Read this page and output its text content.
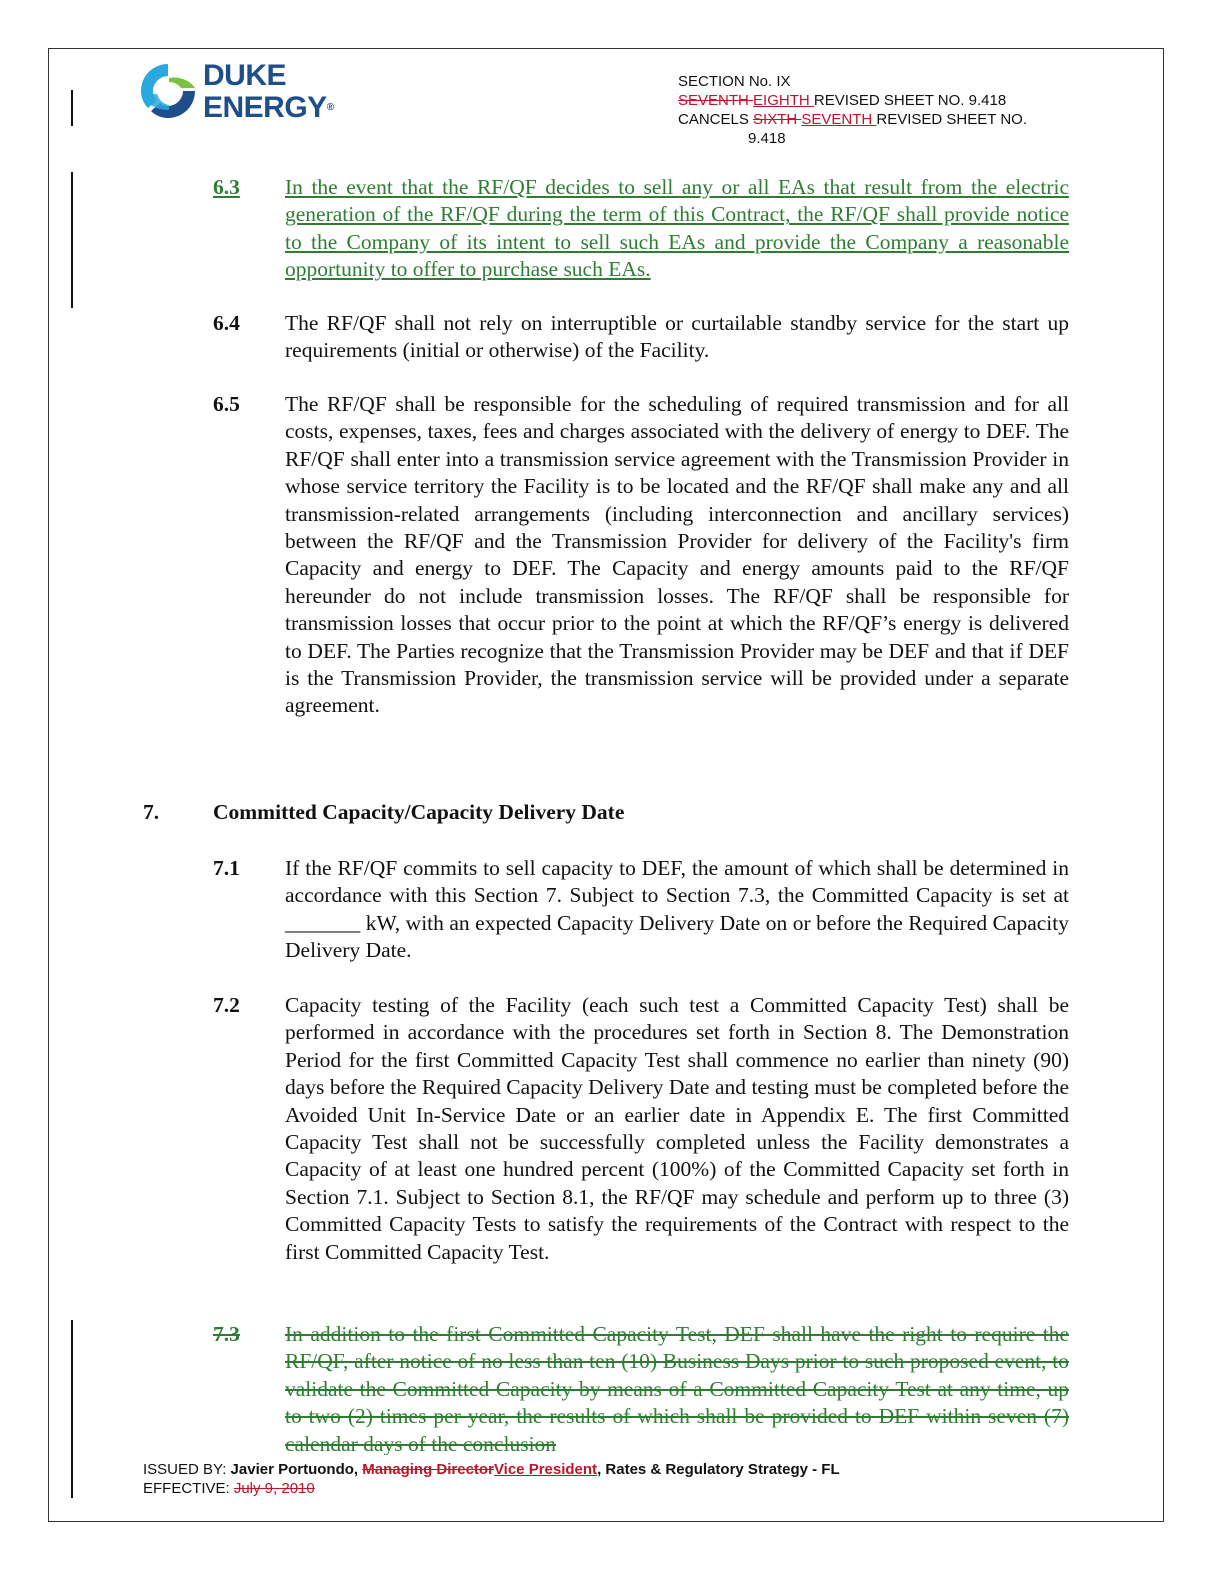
DUKE
ENERGY®
SECTION No. IX
SEVENTH EIGHTH REVISED SHEET NO. 9.418
CANCELS SIXTH SEVENTH REVISED SHEET NO.
9.418
6.3 In the event that the RF/QF decides to sell any or all EAs that result from the electric generation of the RF/QF during the term of this Contract, the RF/QF shall provide notice to the Company of its intent to sell such EAs and provide the Company a reasonable opportunity to offer to purchase such EAs.
6.4 The RF/QF shall not rely on interruptible or curtailable standby service for the start up requirements (initial or otherwise) of the Facility.
6.5 The RF/QF shall be responsible for the scheduling of required transmission and for all costs, expenses, taxes, fees and charges associated with the delivery of energy to DEF. The RF/QF shall enter into a transmission service agreement with the Transmission Provider in whose service territory the Facility is to be located and the RF/QF shall make any and all transmission-related arrangements (including interconnection and ancillary services) between the RF/QF and the Transmission Provider for delivery of the Facility's firm Capacity and energy to DEF. The Capacity and energy amounts paid to the RF/QF hereunder do not include transmission losses. The RF/QF shall be responsible for transmission losses that occur prior to the point at which the RF/QF’s energy is delivered to DEF. The Parties recognize that the Transmission Provider may be DEF and that if DEF is the Transmission Provider, the transmission service will be provided under a separate agreement.
7.	Committed Capacity/Capacity Delivery Date
7.1 If the RF/QF commits to sell capacity to DEF, the amount of which shall be determined in accordance with this Section 7. Subject to Section 7.3, the Committed Capacity is set at _______ kW, with an expected Capacity Delivery Date on or before the Required Capacity Delivery Date.
7.2 Capacity testing of the Facility (each such test a Committed Capacity Test) shall be performed in accordance with the procedures set forth in Section 8. The Demonstration Period for the first Committed Capacity Test shall commence no earlier than ninety (90) days before the Required Capacity Delivery Date and testing must be completed before the Avoided Unit In-Service Date or an earlier date in Appendix E. The first Committed Capacity Test shall not be successfully completed unless the Facility demonstrates a Capacity of at least one hundred percent (100%) of the Committed Capacity set forth in Section 7.1. Subject to Section 8.1, the RF/QF may schedule and perform up to three (3) Committed Capacity Tests to satisfy the requirements of the Contract with respect to the first Committed Capacity Test.
7.3 In addition to the first Committed Capacity Test, DEF shall have the right to require the RF/QF, after notice of no less than ten (10) Business Days prior to such proposed event, to validate the Committed Capacity by means of a Committed Capacity Test at any time, up to two (2) times per year, the results of which shall be provided to DEF within seven (7) calendar days of the conclusion
ISSUED BY: Javier Portuondo, Managing DirectorVice President, Rates & Regulatory Strategy - FL
EFFECTIVE: July 9, 2010
